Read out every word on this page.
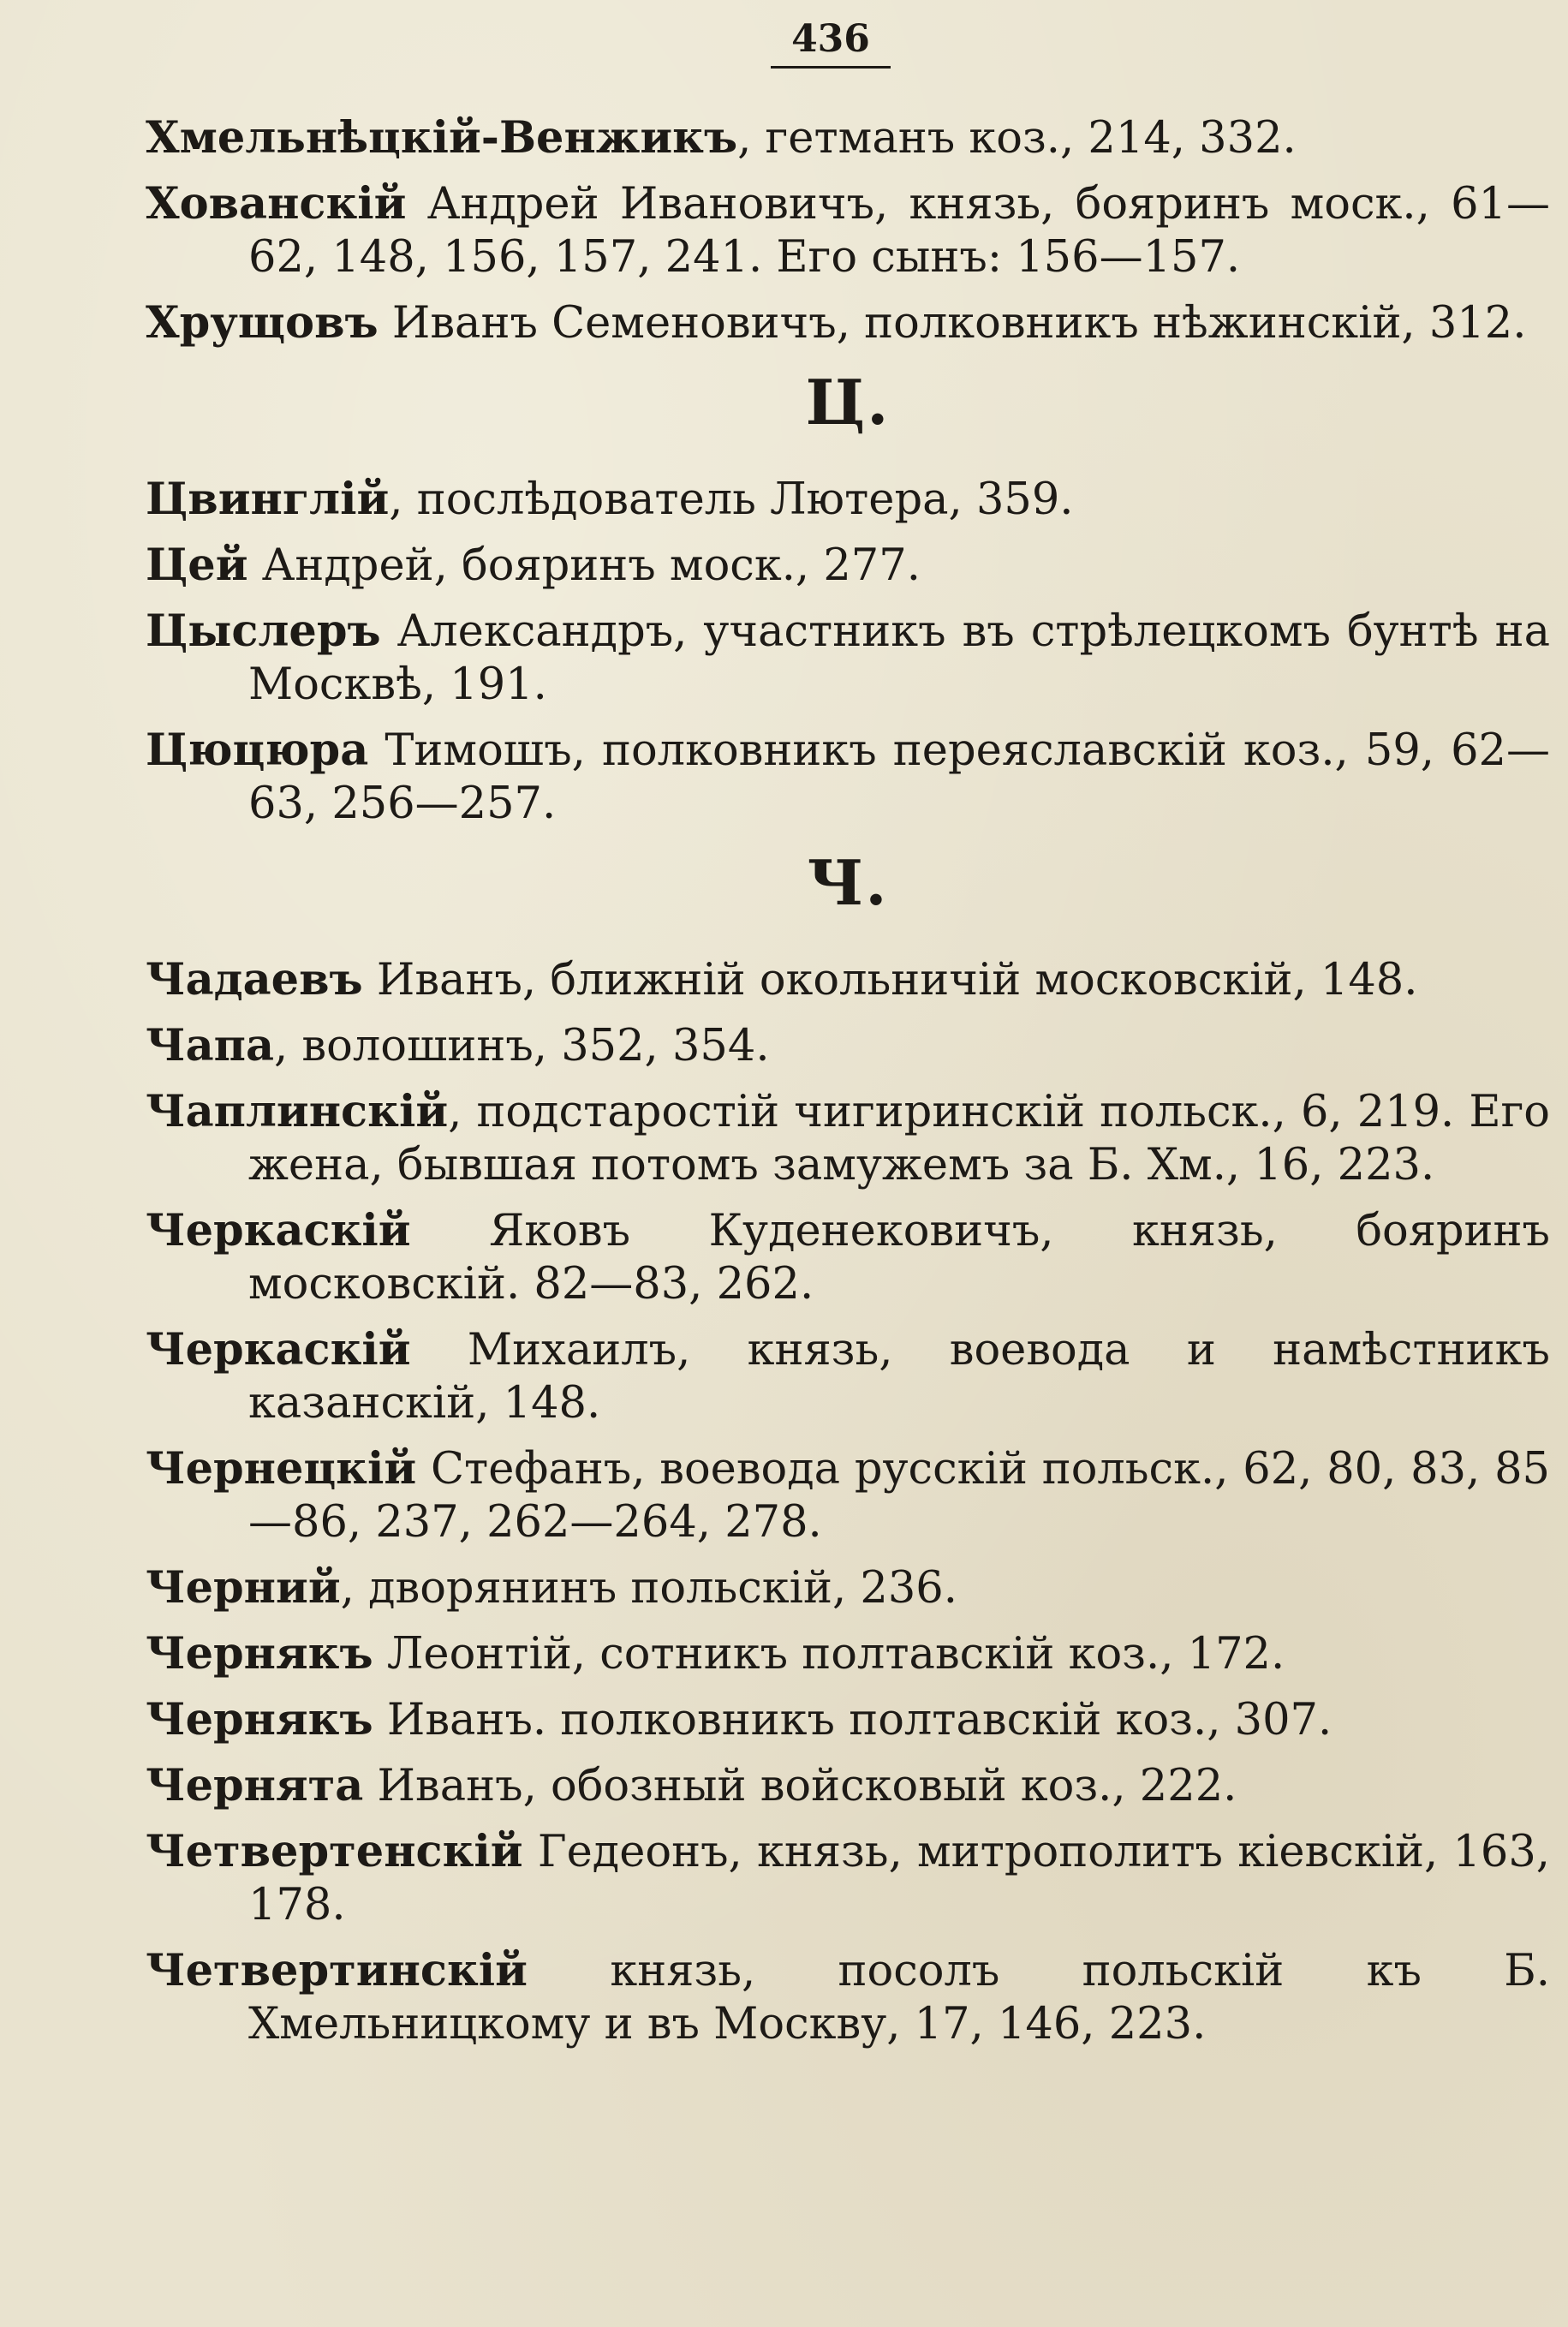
436
Хмельнѣцкій-Венжикъ, гетманъ коз., 214, 332.
Хованскій Андрей Ивановичъ, князь, бояринъ моск., 61—62, 148, 156, 157, 241. Его сынъ: 156—157.
Хрущовъ Иванъ Семеновичъ, полковникъ нѣжинскій, 312.
Ц.
Цвинглій, послѣдователь Лютера, 359.
Цей Андрей, бояринъ моск., 277.
Цыслеръ Александръ, участникъ въ стрѣлецкомъ бунтѣ на Москвѣ, 191.
Цюцюра Тимошъ, полковникъ переяславскій коз., 59, 62—63, 256—257.
Ч.
Чадаевъ Иванъ, ближній окольничій московскій, 148.
Чапа, волошинъ, 352, 354.
Чаплинскій, подстаростій чигиринскій польск., 6, 219. Его жена, бывшая потомъ замужемъ за Б. Хм., 16, 223.
Черкаскій Яковъ Куденековичъ, князь, бояринъ московскій. 82—83, 262.
Черкаскій Михаилъ, князь, воевода и намѣстникъ казанскій, 148.
Чернецкій Стефанъ, воевода русскій польск., 62, 80, 83, 85—86, 237, 262—264, 278.
Черний, дворянинъ польскій, 236.
Чернякъ Леонтій, сотникъ полтавскій коз., 172.
Чернякъ Иванъ. полковникъ полтавскій коз., 307.
Чернята Иванъ, обозный войсковый коз., 222.
Четвертенскій Гедеонъ, князь, митрополитъ кіевскій, 163, 178.
Четвертинскій князь, посолъ польскій къ Б. Хмельницкому и въ Москву, 17, 146, 223.
